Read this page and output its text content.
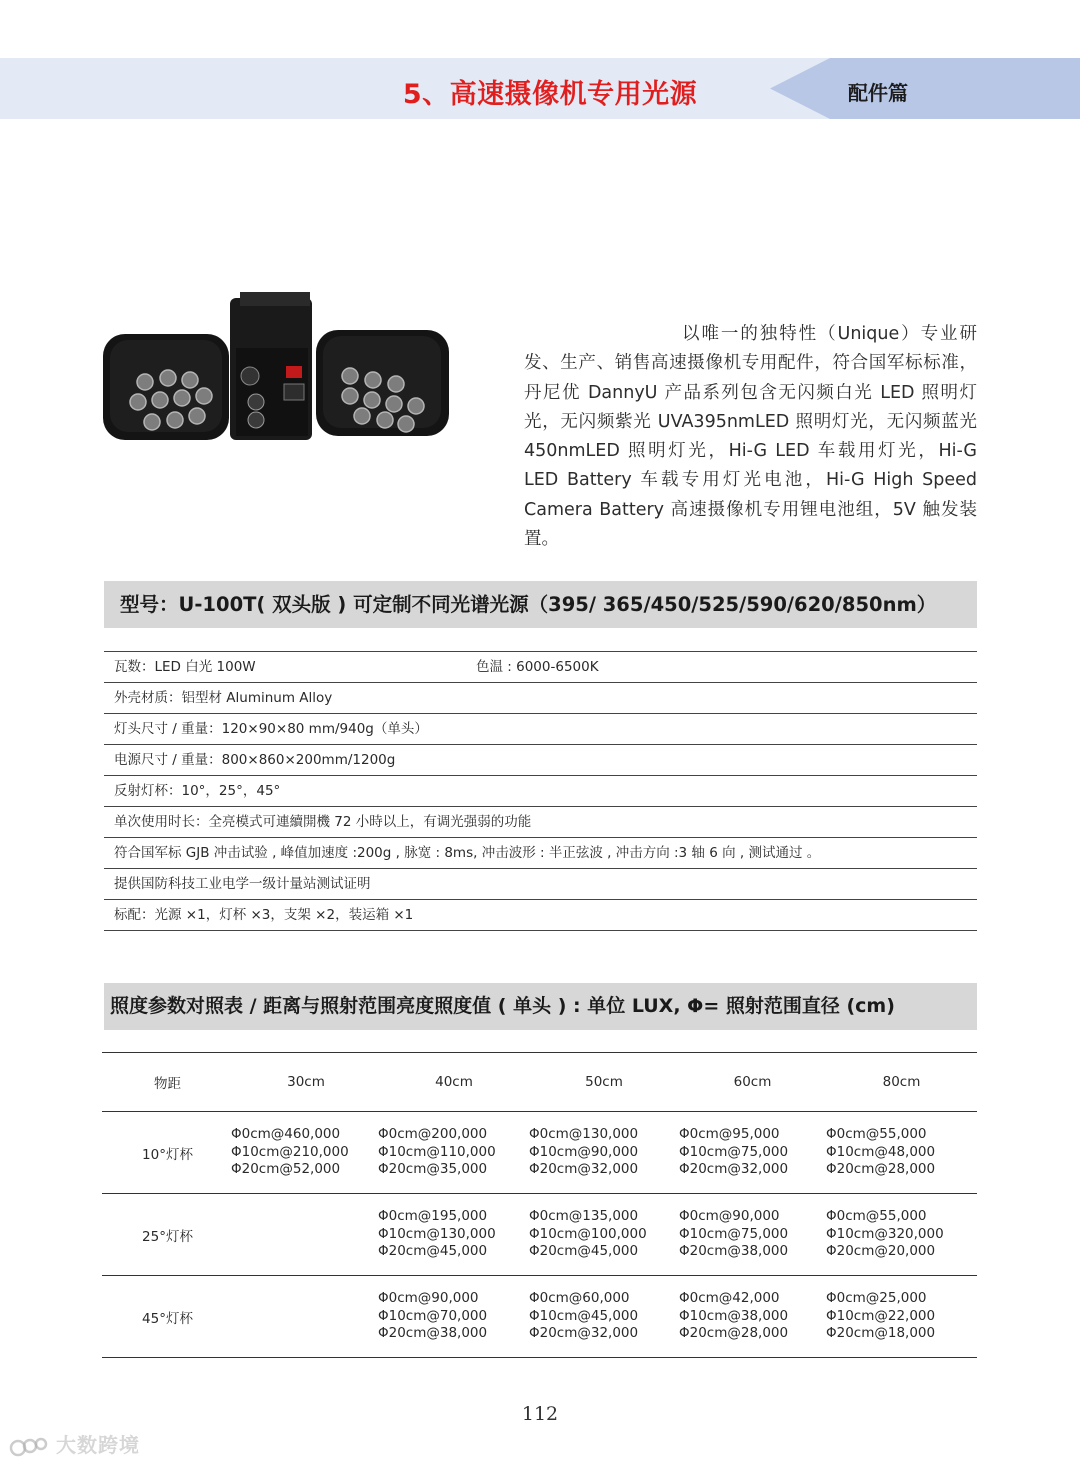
5、高速摄像机专用光源	配件篇

以唯一的独特性（Unique）专业研发、生产、销售高速摄像机专用配件，符合国军标标准，丹尼优 DannyU 产品系列包含无闪频白光 LED 照明灯光，无闪频紫光 UVA395nmLED 照明灯光，无闪频蓝光450nmLED 照明灯光，Hi-G LED 车载用灯光，Hi-G LED Battery 车载专用灯光电池，Hi-G High Speed Camera Battery 高速摄像机专用锂电池组，5V 触发装置。

型号：U-100T( 双头版 ) 可定制不同光谱光源（395/ 365/450/525/590/620/850nm）
瓦数：LED 白光 100W	色温 : 6000-6500K
外壳材质：铝型材 Aluminum Alloy
灯头尺寸 / 重量：120×90×80 mm/940g（单头）
电源尺寸 / 重量：800×860×200mm/1200g
反射灯杯：10°，25°，45°
单次使用时长：全亮模式可連續開機 72 小時以上，有调光强弱的功能
符合国军标 GJB 冲击试验 , 峰值加速度 :200g , 脉宽 : 8ms, 冲击波形 : 半正弦波 , 冲击方向 :3 轴 6 向 , 测试通过 。
提供国防科技工业电学一级计量站测试证明
标配：光源 ×1，灯杯 ×3，支架 ×2，装运箱 ×1
照度参数对照表 / 距离与照射范围亮度照度值 ( 单头 ) : 单位 LUX, Φ= 照射范围直径 (cm)
物距	30cm	40cm	50cm	60cm	80cm
10°灯杯	Φ0cm@460,000
Φ10cm@210,000
Φ20cm@52,000	Φ0cm@200,000
Φ10cm@110,000
Φ20cm@35,000	Φ0cm@130,000
Φ10cm@90,000
Φ20cm@32,000	Φ0cm@95,000
Φ10cm@75,000
Φ20cm@32,000	Φ0cm@55,000
Φ10cm@48,000
Φ20cm@28,000

25°灯杯		Φ0cm@195,000
Φ10cm@130,000
Φ20cm@45,000	Φ0cm@135,000
Φ10cm@100,000
Φ20cm@45,000	Φ0cm@90,000
Φ10cm@75,000
Φ20cm@38,000	Φ0cm@55,000
Φ10cm@320,000
Φ20cm@20,000

45°灯杯		Φ0cm@90,000
Φ10cm@70,000
Φ20cm@38,000	Φ0cm@60,000
Φ10cm@45,000
Φ20cm@32,000	Φ0cm@42,000
Φ10cm@38,000
Φ20cm@28,000	Φ0cm@25,000
Φ10cm@22,000
Φ20cm@18,000
112
大数跨境
